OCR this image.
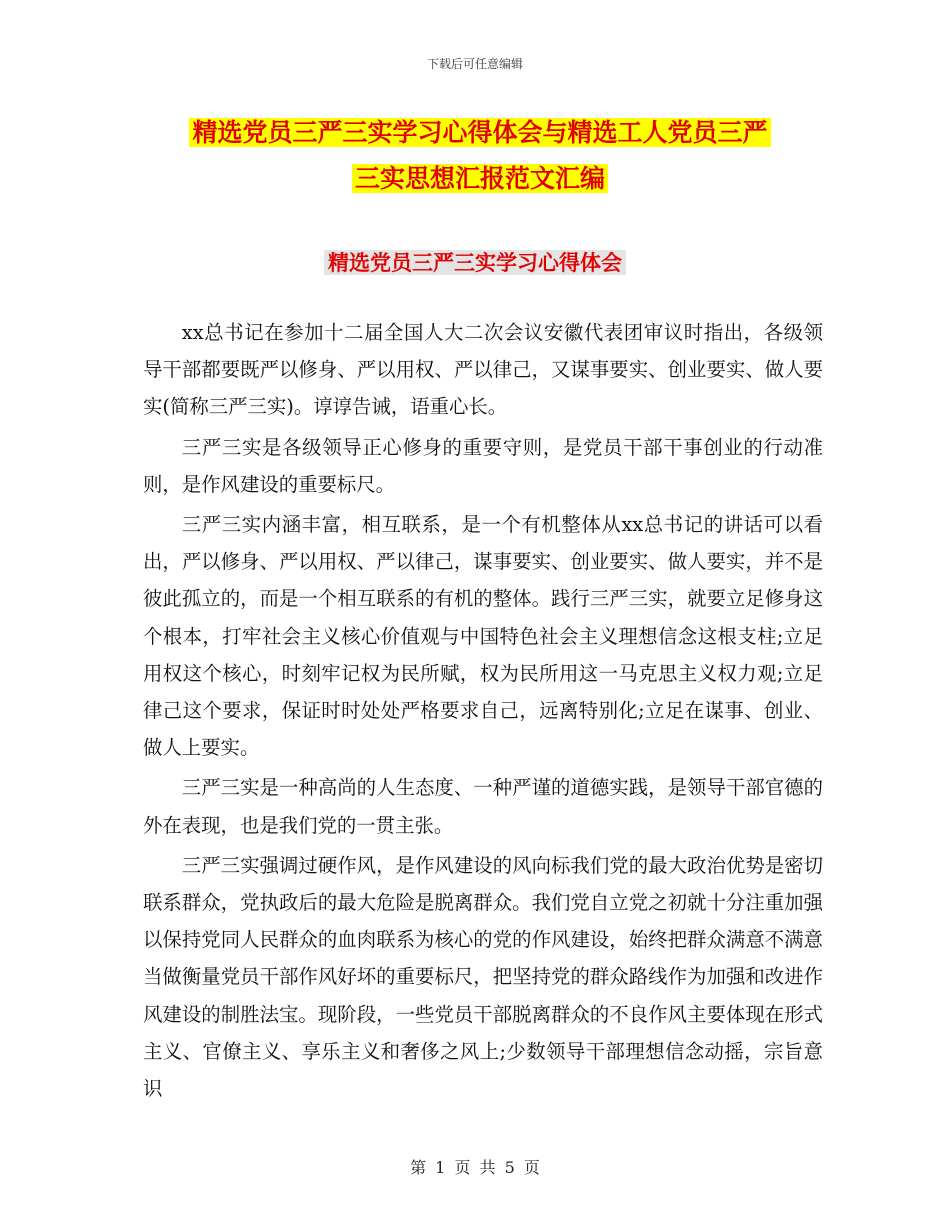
下载后可任意编辑
精选党员三严三实学习心得体会与精选工人党员三严
三实思想汇报范文汇编
精选党员三严三实学习心得体会

xx总书记在参加十二届全国人大二次会议安徽代表团审议时指出，各级领导干部都要既严以修身、严以用权、严以律己，又谋事要实、创业要实、做人要实(简称三严三实)。谆谆告诫，语重心长。

三严三实是各级领导正心修身的重要守则，是党员干部干事创业的行动准则，是作风建设的重要标尺。

三严三实内涵丰富，相互联系，是一个有机整体从xx总书记的讲话可以看出，严以修身、严以用权、严以律己，谋事要实、创业要实、做人要实，并不是彼此孤立的，而是一个相互联系的有机的整体。践行三严三实，就要立足修身这个根本，打牢社会主义核心价值观与中国特色社会主义理想信念这根支柱;立足用权这个核心，时刻牢记权为民所赋，权为民所用这一马克思主义权力观;立足律己这个要求，保证时时处处严格要求自己，远离特别化;立足在谋事、创业、做人上要实。

三严三实是一种高尚的人生态度、一种严谨的道德实践，是领导干部官德的外在表现，也是我们党的一贯主张。

三严三实强调过硬作风，是作风建设的风向标我们党的最大政治优势是密切联系群众，党执政后的最大危险是脱离群众。我们党自立党之初就十分注重加强以保持党同人民群众的血肉联系为核心的党的作风建设，始终把群众满意不满意当做衡量党员干部作风好坏的重要标尺，把坚持党的群众路线作为加强和改进作风建设的制胜法宝。现阶段，一些党员干部脱离群众的不良作风主要体现在形式主义、官僚主义、享乐主义和奢侈之风上;少数领导干部理想信念动摇，宗旨意识

第 1 页 共 5 页
